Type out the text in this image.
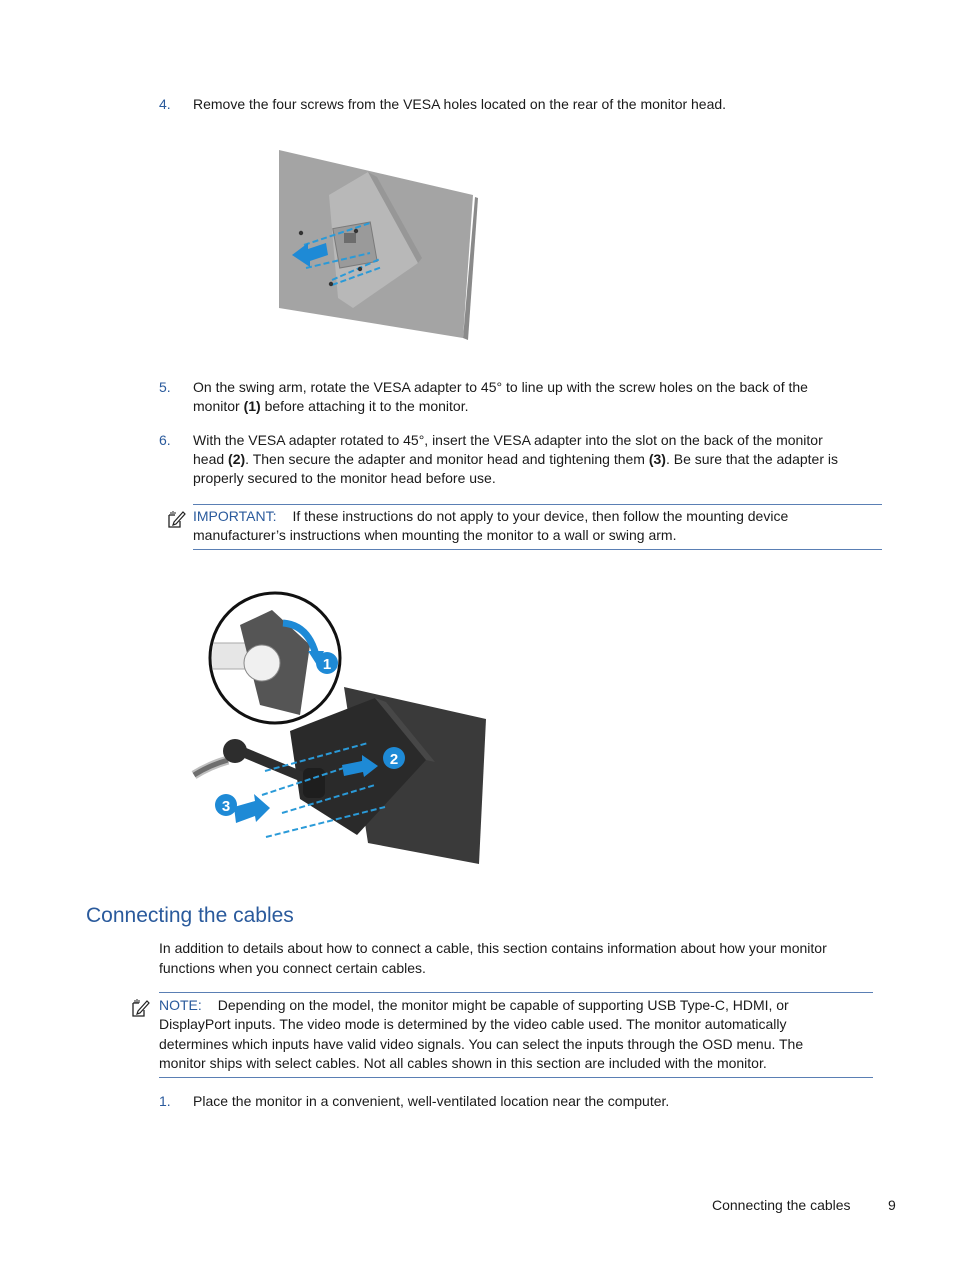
4. Remove the four screws from the VESA holes located on the rear of the monitor head.
5. On the swing arm, rotate the VESA adapter to 45° to line up with the screw holes on the back of the
monitor (1) before attaching it to the monitor.
6. With the VESA adapter rotated to 45°, insert the VESA adapter into the slot on the back of the monitor
head (2). Then secure the adapter and monitor head and tightening them (3). Be sure that the adapter is
properly secured to the monitor head before use.
IMPORTANT: If these instructions do not apply to your device, then follow the mounting device
manufacturer’s instructions when mounting the monitor to a wall or swing arm.
1
2
3
Connecting the cables
In addition to details about how to connect a cable, this section contains information about how your monitor
functions when you connect certain cables.
NOTE: Depending on the model, the monitor might be capable of supporting USB Type-C, HDMI, or
DisplayPort inputs. The video mode is determined by the video cable used. The monitor automatically
determines which inputs have valid video signals. You can select the inputs through the OSD menu. The
monitor ships with select cables. Not all cables shown in this section are included with the monitor.
1. Place the monitor in a convenient, well-ventilated location near the computer.
Connecting the cables	9
